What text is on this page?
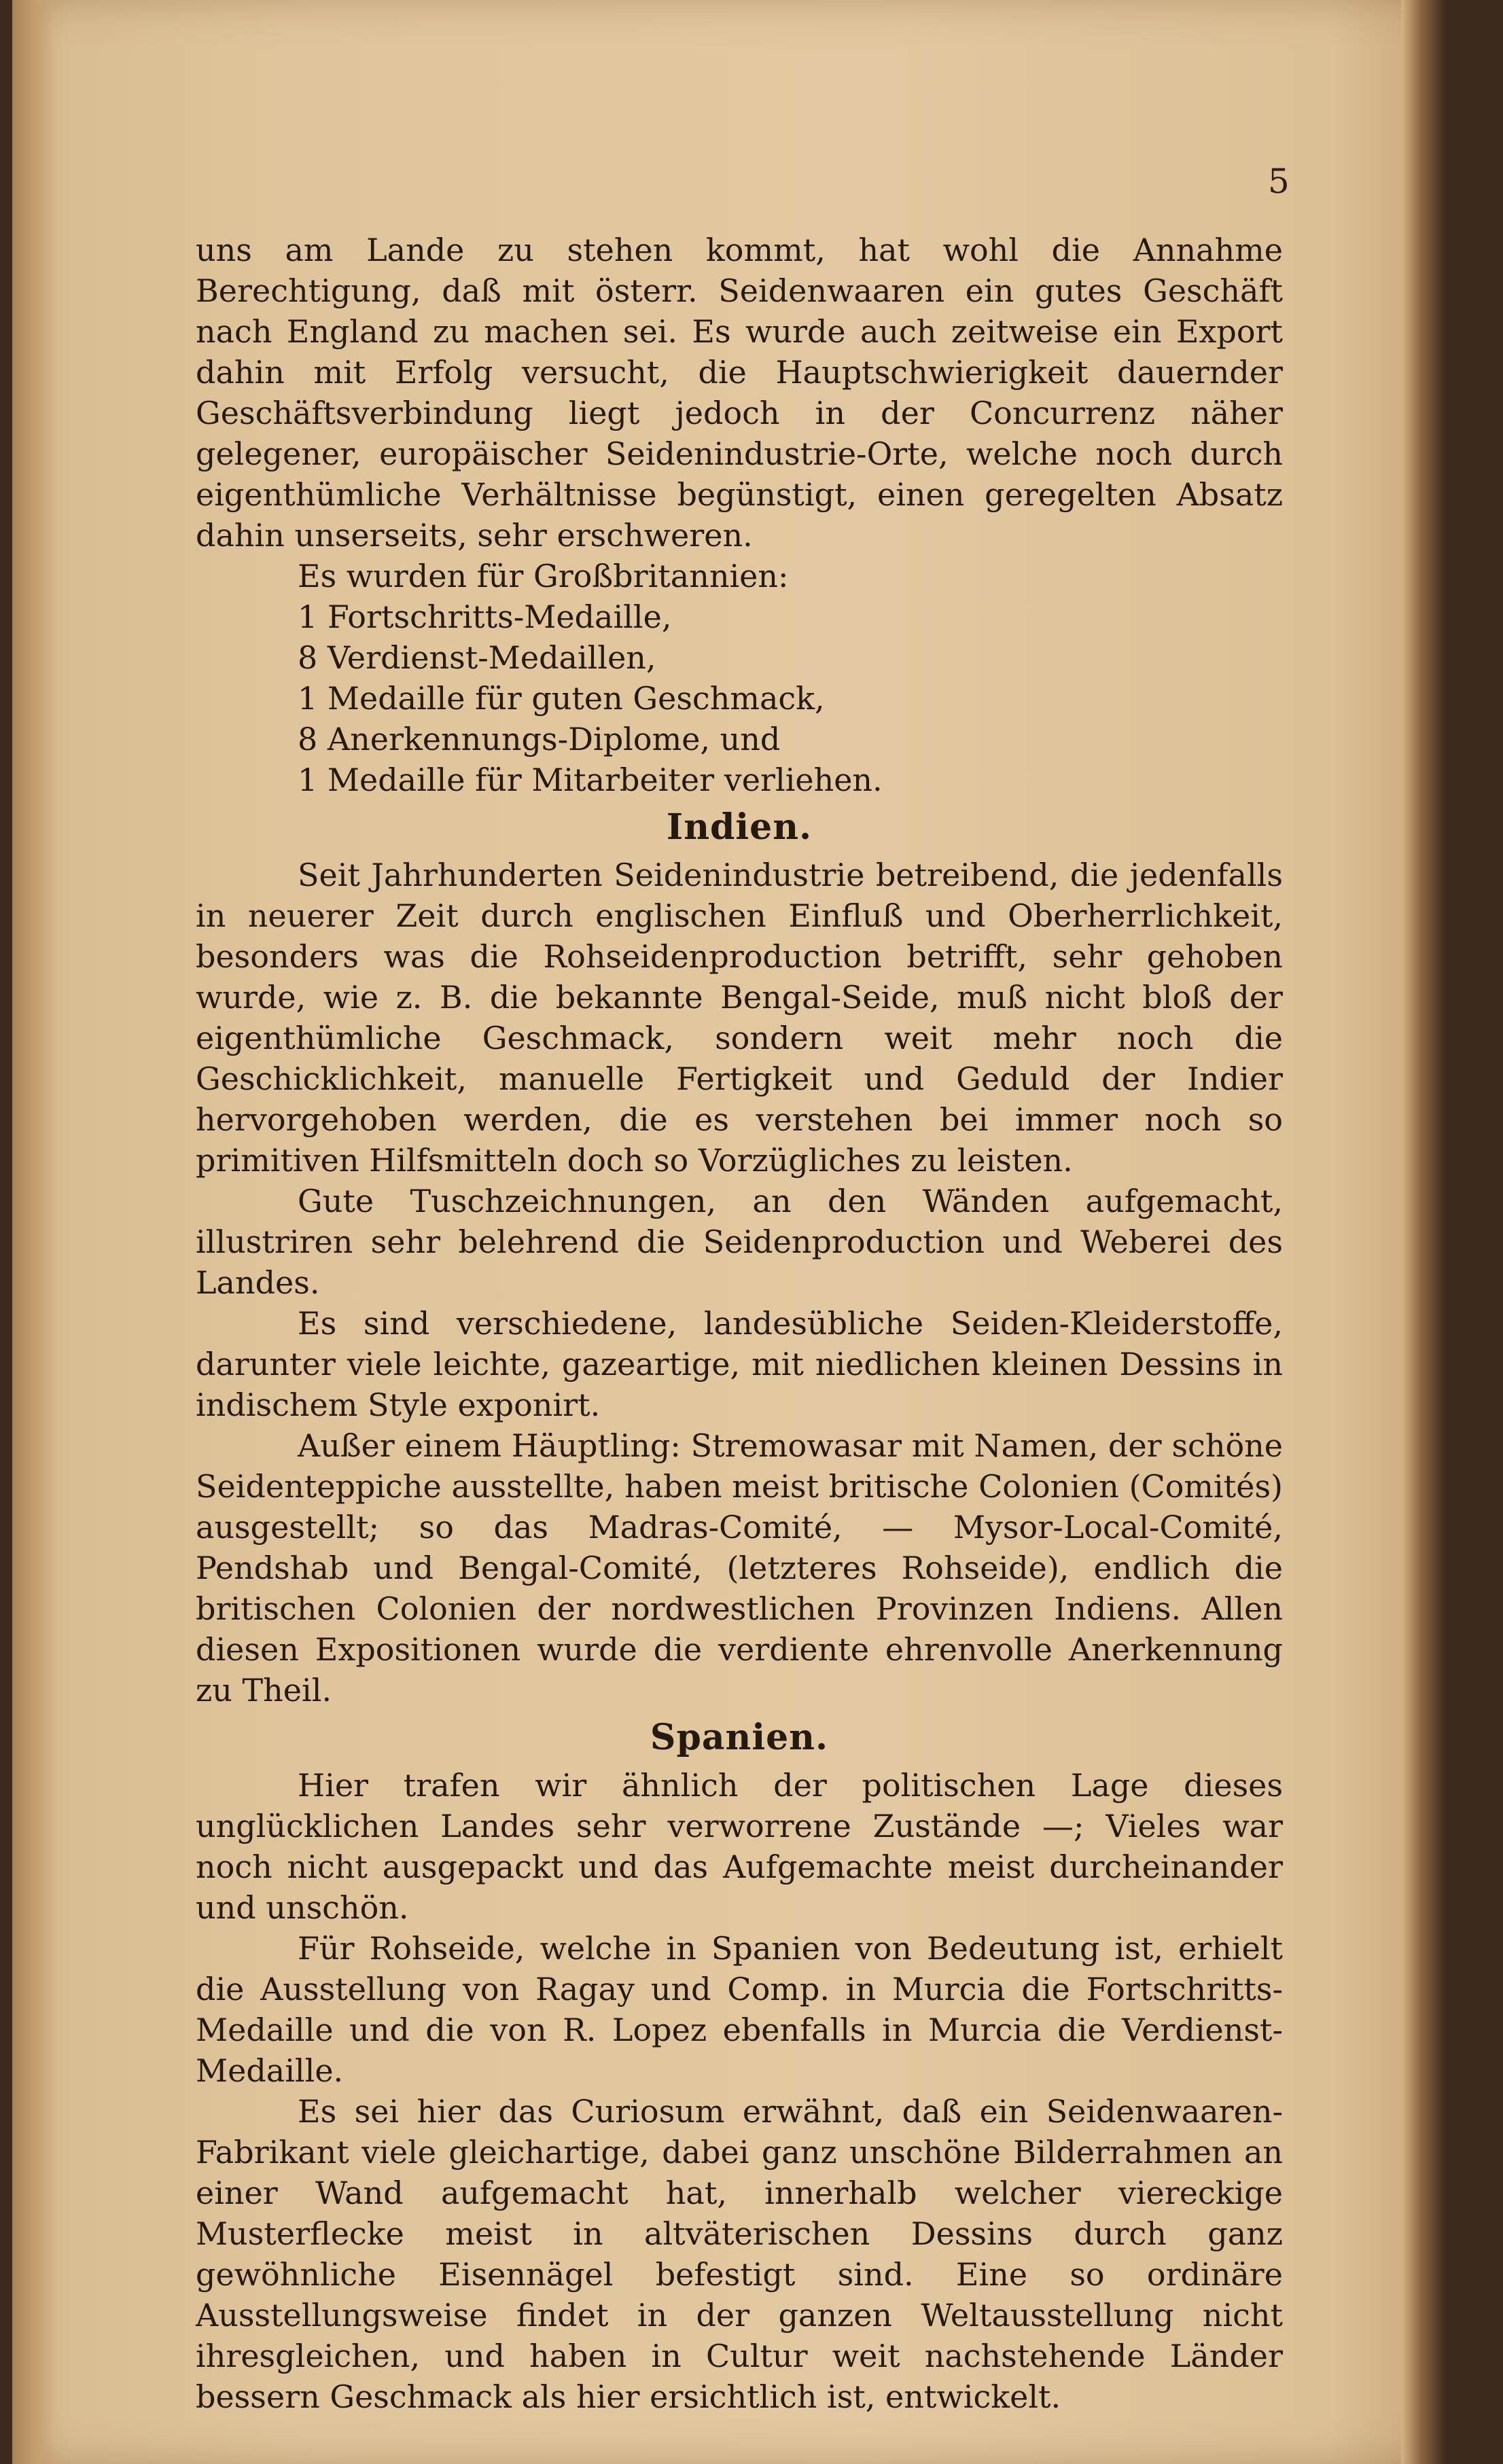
5

uns am Lande zu stehen kommt, hat wohl die Annahme Berechtigung, daß mit österr. Seidenwaaren ein gutes Geschäft nach England zu machen sei. Es wurde auch zeitweise ein Export dahin mit Erfolg versucht, die Hauptschwierigkeit dauernder Geschäftsverbindung liegt jedoch in der Concurrenz näher gelegener, europäischer Seidenindustrie-Orte, welche noch durch eigenthümliche Verhältnisse begünstigt, einen geregelten Absatz dahin unserseits, sehr erschweren.

Es wurden für Großbritannien:

1 Fortschritts-Medaille,
8 Verdienst-Medaillen,
1 Medaille für guten Geschmack,
8 Anerkennungs-Diplome, und
1 Medaille für Mitarbeiter verliehen.
Indien.

Seit Jahrhunderten Seidenindustrie betreibend, die jedenfalls in neuerer Zeit durch englischen Einfluß und Oberherrlichkeit, besonders was die Rohseidenproduction betrifft, sehr gehoben wurde, wie z. B. die bekannte Bengal-Seide, muß nicht bloß der eigenthümliche Geschmack, sondern weit mehr noch die Geschicklichkeit, manuelle Fertigkeit und Geduld der Indier hervorgehoben werden, die es verstehen bei immer noch so primitiven Hilfsmitteln doch so Vorzügliches zu leisten.

Gute Tuschzeichnungen, an den Wänden aufgemacht, illustriren sehr belehrend die Seidenproduction und Weberei des Landes.

Es sind verschiedene, landesübliche Seiden-Kleiderstoffe, darunter viele leichte, gazeartige, mit niedlichen kleinen Dessins in indischem Style exponirt.

Außer einem Häuptling: Stremowasar mit Namen, der schöne Seidenteppiche ausstellte, haben meist britische Colonien (Comités) ausgestellt; so das Madras-Comité, — Mysor-Local-Comité, Pendshab und Bengal-Comité, (letzteres Rohseide), endlich die britischen Colonien der nordwestlichen Provinzen Indiens. Allen diesen Expositionen wurde die verdiente ehrenvolle Anerkennung zu Theil.

Spanien.

Hier trafen wir ähnlich der politischen Lage dieses unglücklichen Landes sehr verworrene Zustände —; Vieles war noch nicht ausgepackt und das Aufgemachte meist durcheinander und unschön.

Für Rohseide, welche in Spanien von Bedeutung ist, erhielt die Ausstellung von Ragay und Comp. in Murcia die Fortschritts-Medaille und die von R. Lopez ebenfalls in Murcia die Verdienst-Medaille.

Es sei hier das Curiosum erwähnt, daß ein Seidenwaaren-Fabrikant viele gleichartige, dabei ganz unschöne Bilderrahmen an einer Wand aufgemacht hat, innerhalb welcher viereckige Musterflecke meist in altväterischen Dessins durch ganz gewöhnliche Eisennägel befestigt sind. Eine so ordinäre Ausstellungsweise findet in der ganzen Weltausstellung nicht ihresgleichen, und haben in Cultur weit nachstehende Länder bessern Geschmack als hier ersichtlich ist, entwickelt.
